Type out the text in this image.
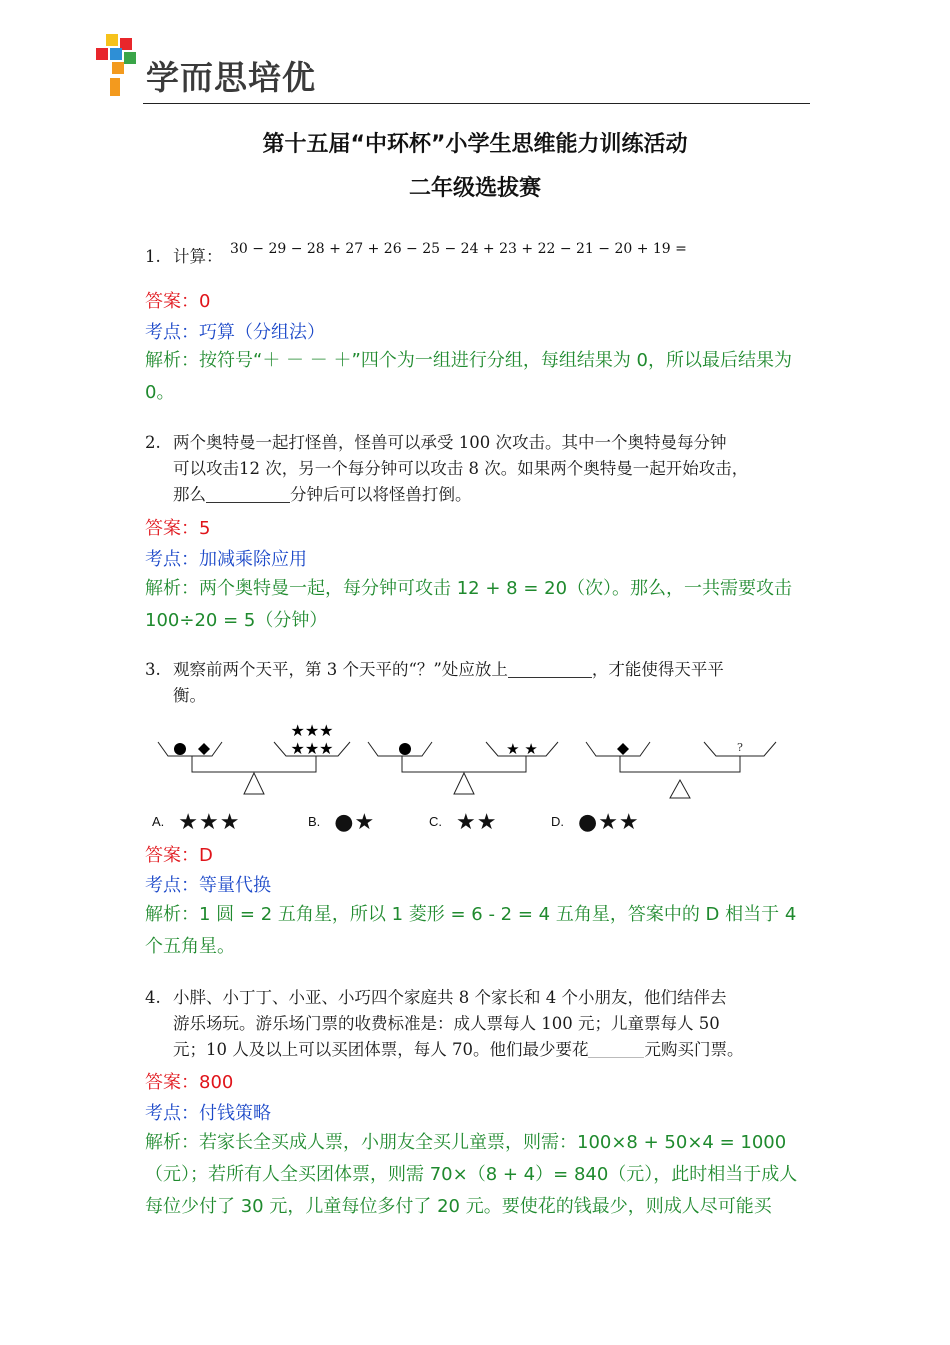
学而思培优
第十五届“中环杯”小学生思维能力训练活动
二年级选拔赛
1. 计算： 30 − 29 − 28 + 27 + 26 − 25 − 24 + 23 + 22 − 21 − 20 + 19 =
答案：0
考点：巧算（分组法）
解析：按符号“＋ － － ＋”四个为一组进行分组，每组结果为 0，所以最后结果为 0。
2. 两个奥特曼一起打怪兽，怪兽可以承受 100 次攻击。其中一个奥特曼每分钟
可以攻击12 次，另一个每分钟可以攻击 8 次。如果两个奥特曼一起开始攻击，
那么	分钟后可以将怪兽打倒。
答案：5
考点：加减乘除应用
解析：两个奥特曼一起，每分钟可攻击 12 + 8 = 20（次）。那么，一共需要攻击 100÷20 = 5（分钟）
3. 观察前两个天平，第 3 个天平的“？”处应放上	，才能使得天平平
衡。
★★★
★★★	★ ★	?
A. ★★★	B. ●★	C. ★★	D. ●★★
答案：D
考点：等量代换
解析：1 圆 = 2 五角星，所以 1 菱形 = 6 - 2 = 4 五角星，答案中的 D 相当于 4 个五角星。
4. 小胖、小丁丁、小亚、小巧四个家庭共 8 个家长和 4 个小朋友，他们结伴去
游乐场玩。游乐场门票的收费标准是：成人票每人 100 元；儿童票每人 50
元；10 人及以上可以买团体票，每人 70。他们最少要花	元购买门票。
答案：800
考点：付钱策略
解析：若家长全买成人票，小朋友全买儿童票，则需：100×8 + 50×4 = 1000（元）；若所有人全买团体票，则需 70×（8 + 4）= 840（元），此时相当于成人每位少付了 30 元，儿童每位多付了 20 元。要使花的钱最少，则成人尽可能买
